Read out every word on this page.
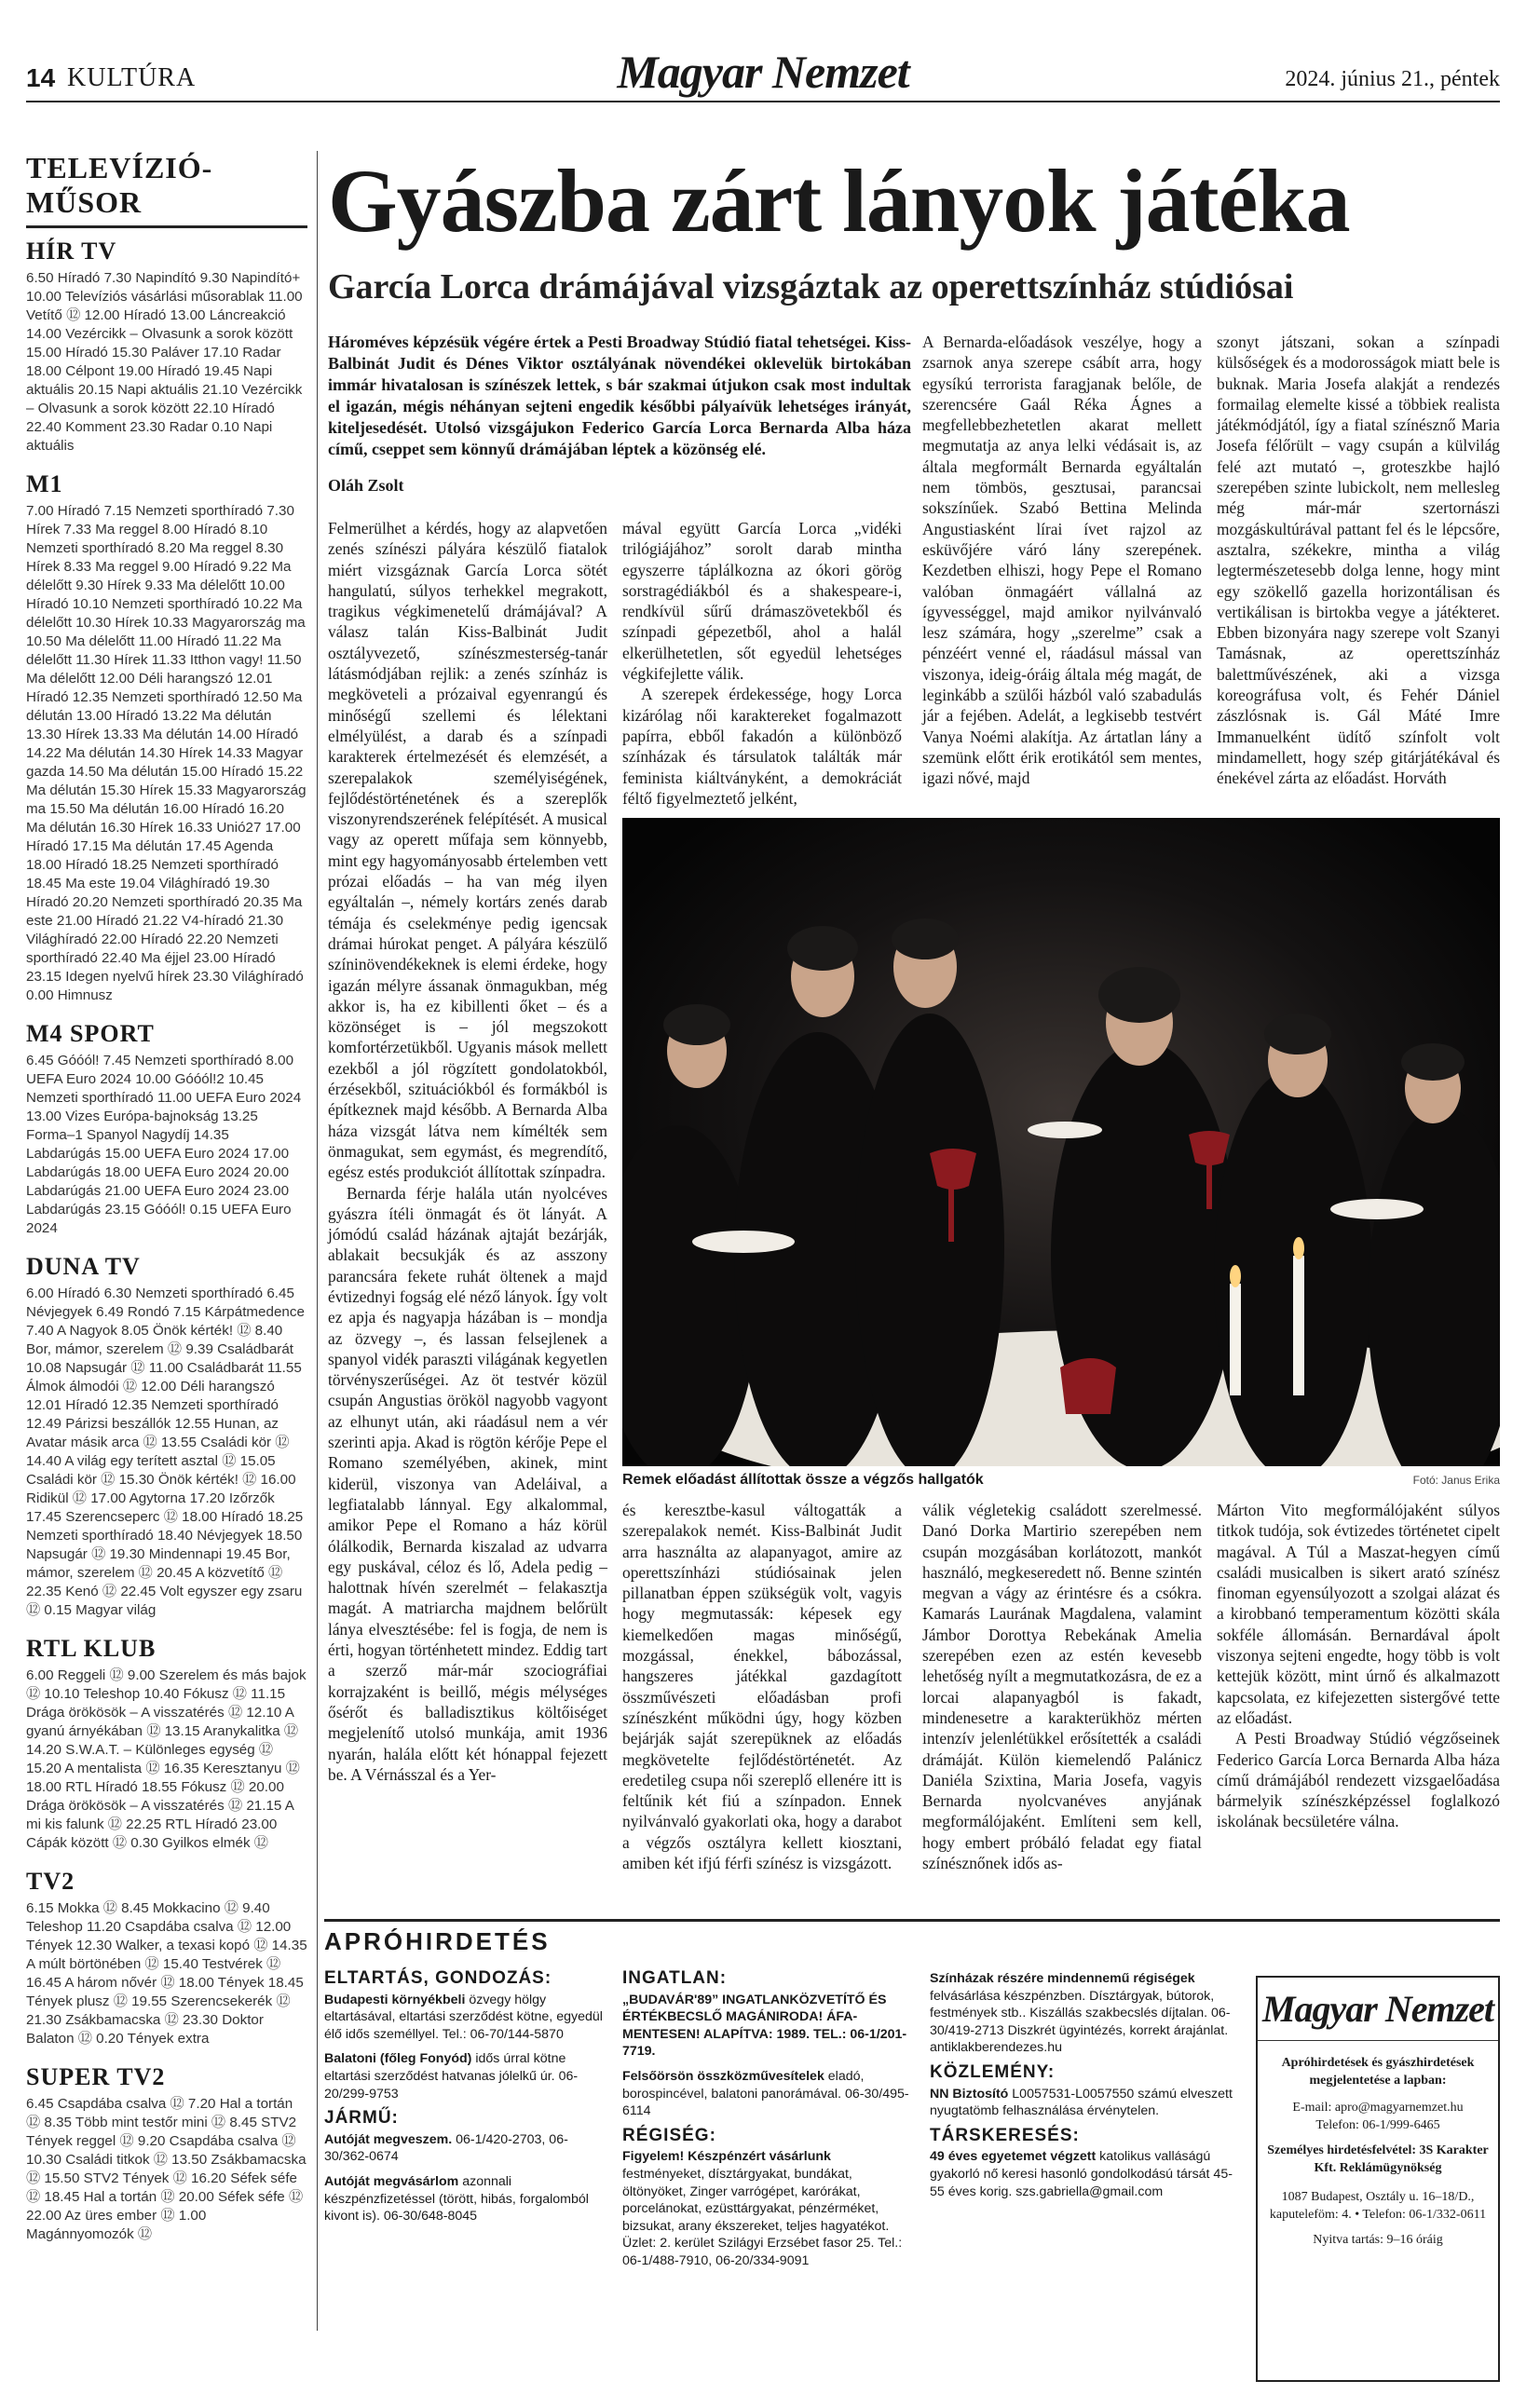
14 KULTÚRA	Magyar Nemzet	2024. június 21., péntek
TELEVÍZIÓ-MŰSOR
HÍR TV

6.50 Híradó 7.30 Napindító 9.30 Napindító+ 10.00 Televíziós vásárlási műsorablak 11.00 Vetítő ⑫ 12.00 Híradó 13.00 Láncreakció 14.00 Vezércikk – Olvasunk a sorok között 15.00 Híradó 15.30 Paláver 17.10 Radar 18.00 Célpont 19.00 Híradó 19.45 Napi aktuális 20.15 Napi aktuális 21.10 Vezércikk – Olvasunk a sorok között 22.10 Híradó 22.40 Komment 23.30 Radar 0.10 Napi aktuális

M1

7.00 Híradó 7.15 Nemzeti sporthíradó 7.30 Hírek 7.33 Ma reggel 8.00 Híradó 8.10 Nemzeti sporthíradó 8.20 Ma reggel 8.30 Hírek 8.33 Ma reggel 9.00 Híradó 9.22 Ma délelőtt 9.30 Hírek 9.33 Ma délelőtt 10.00 Híradó 10.10 Nemzeti sporthíradó 10.22 Ma délelőtt 10.30 Hírek 10.33 Magyarország ma 10.50 Ma délelőtt 11.00 Híradó 11.22 Ma délelőtt 11.30 Hírek 11.33 Itthon vagy! 11.50 Ma délelőtt 12.00 Déli harangszó 12.01 Híradó 12.35 Nemzeti sporthíradó 12.50 Ma délután 13.00 Híradó 13.22 Ma délután 13.30 Hírek 13.33 Ma délután 14.00 Híradó 14.22 Ma délután 14.30 Hírek 14.33 Magyar gazda 14.50 Ma délután 15.00 Híradó 15.22 Ma délután 15.30 Hírek 15.33 Magyarország ma 15.50 Ma délután 16.00 Híradó 16.20 Ma délután 16.30 Hírek 16.33 Unió27 17.00 Híradó 17.15 Ma délután 17.45 Agenda 18.00 Híradó 18.25 Nemzeti sporthíradó 18.45 Ma este 19.04 Világhíradó 19.30 Híradó 20.20 Nemzeti sporthíradó 20.35 Ma este 21.00 Híradó 21.22 V4-híradó 21.30 Világhíradó 22.00 Híradó 22.20 Nemzeti sporthíradó 22.40 Ma éjjel 23.00 Híradó 23.15 Idegen nyelvű hírek 23.30 Világhíradó 0.00 Himnusz

M4 SPORT

6.45 Góóól! 7.45 Nemzeti sporthíradó 8.00 UEFA Euro 2024 10.00 Góóól!2 10.45 Nemzeti sporthíradó 11.00 UEFA Euro 2024 13.00 Vizes Európa-bajnokság 13.25 Forma–1 Spanyol Nagydíj 14.35 Labdarúgás 15.00 UEFA Euro 2024 17.00 Labdarúgás 18.00 UEFA Euro 2024 20.00 Labdarúgás 21.00 UEFA Euro 2024 23.00 Labdarúgás 23.15 Góóól! 0.15 UEFA Euro 2024

DUNA TV

6.00 Híradó 6.30 Nemzeti sporthíradó 6.45 Névjegyek 6.49 Rondó 7.15 Kárpátmedence 7.40 A Nagyok 8.05 Önök kérték! ⑫ 8.40 Bor, mámor, szerelem ⑫ 9.39 Családbarát 10.08 Napsugár ⑫ 11.00 Családbarát 11.55 Álmok álmodói ⑫ 12.00 Déli harangszó 12.01 Híradó 12.35 Nemzeti sporthíradó 12.49 Párizsi beszállók 12.55 Hunan, az Avatar másik arca ⑫ 13.55 Családi kör ⑫ 14.40 A világ egy terített asztal ⑫ 15.05 Családi kör ⑫ 15.30 Önök kérték! ⑫ 16.00 Ridikül ⑫ 17.00 Agytorna 17.20 Izőrzők 17.45 Szerencseperc ⑫ 18.00 Híradó 18.25 Nemzeti sporthíradó 18.40 Névjegyek 18.50 Napsugár ⑫ 19.30 Mindennapi 19.45 Bor, mámor, szerelem ⑫ 20.45 A közvetítő ⑫ 22.35 Kenó ⑫ 22.45 Volt egyszer egy zsaru ⑫ 0.15 Magyar világ

RTL KLUB

6.00 Reggeli ⑫ 9.00 Szerelem és más bajok ⑫ 10.10 Teleshop 10.40 Fókusz ⑫ 11.15 Drága örökösök – A visszatérés ⑫ 12.10 A gyanú árnyékában ⑫ 13.15 Aranykalitka ⑫ 14.20 S.W.A.T. – Különleges egység ⑫ 15.20 A mentalista ⑫ 16.35 Keresztanyu ⑫ 18.00 RTL Híradó 18.55 Fókusz ⑫ 20.00 Drága örökösök – A visszatérés ⑫ 21.15 A mi kis falunk ⑫ 22.25 RTL Híradó 23.00 Cápák között ⑫ 0.30 Gyilkos elmék ⑫

TV2

6.15 Mokka ⑫ 8.45 Mokkacino ⑫ 9.40 Teleshop 11.20 Csapdába csalva ⑫ 12.00 Tények 12.30 Walker, a texasi kopó ⑫ 14.35 A múlt börtönében ⑫ 15.40 Testvérek ⑫ 16.45 A három nővér ⑫ 18.00 Tények 18.45 Tények plusz ⑫ 19.55 Szerencsekerék ⑫ 21.30 Zsákbamacska ⑫ 23.30 Doktor Balaton ⑫ 0.20 Tények extra

SUPER TV2

6.45 Csapdába csalva ⑫ 7.20 Hal a tortán ⑫ 8.35 Több mint testőr mini ⑫ 8.45 STV2 Tények reggel ⑫ 9.20 Csapdába csalva ⑫ 10.30 Családi titkok ⑫ 13.50 Zsákbamacska ⑫ 15.50 STV2 Tények ⑫ 16.20 Séfek séfe ⑫ 18.45 Hal a tortán ⑫ 20.00 Séfek séfe ⑫ 22.00 Az üres ember ⑫ 1.00 Magánnyomozók ⑫

Gyászba zárt lányok játéka
García Lorca drámájával vizsgáztak az operettszínház stúdiósai

Hároméves képzésük végére értek a Pesti Broadway Stúdió fiatal tehetségei. Kiss-Balbinát Judit és Dénes Viktor osztályának növendékei oklevelük birtokában immár hivatalosan is színészek lettek, s bár szakmai útjukon csak most indultak el igazán, mégis néhányan sejteni engedik későbbi pályaívük lehetséges irányát, kiteljesedését. Utolsó vizsgájukon Federico García Lorca Bernarda Alba háza című, cseppet sem könnyű drámájában léptek a közönség elé.

Oláh Zsolt

Felmerülhet a kérdés, hogy az alapvetően zenés színészi pályára készülő fiatalok miért vizsgáznak García Lorca sötét hangulatú, súlyos terhekkel megrakott, tragikus végkimenetelű drámájával? A válasz talán Kiss-Balbinát Judit osztályvezető, színészmesterség-tanár látásmódjában rejlik: a zenés színház is megköveteli a prózaival egyenrangú és minőségű szellemi és lélektani elmélyülést, a darab és a színpadi karakterek értelmezését és elemzését, a szerepalakok személyiségének, fejlődéstörténetének és a szereplők viszonyrendszerének felépítését. A musical vagy az operett műfaja sem könnyebb, mint egy hagyományosabb értelemben vett prózai előadás – ha van még ilyen egyáltalán –, némely kortárs zenés darab témája és cselekménye pedig igencsak drámai húrokat penget. A pályára készülő színinövendékeknek is elemi érdeke, hogy igazán mélyre ássanak önmagukban, még akkor is, ha ez kibillenti őket – és a közönséget is – jól megszokott komfortérzetükből. Ugyanis mások mellett ezekből a jól rögzített gondolatokból, érzésekből, szituációkból és formákból is építkeznek majd később. A Bernarda Alba háza vizsgát látva nem kímélték sem önmagukat, sem egymást, és megrendítő, egész estés produkciót állítottak színpadra.

Bernarda férje halála után nyolcéves gyászra ítéli önmagát és öt lányát. A jómódú család házának ajtaját bezárják, ablakait becsukják és az asszony parancsára fekete ruhát öltenek a majd évtizednyi fogság elé néző lányok. Így volt ez apja és nagyapja házában is – mondja az özvegy –, és lassan felsejlenek a spanyol vidék paraszti világának kegyetlen törvényszerűségei. Az öt testvér közül csupán Angustias örököl nagyobb vagyont az elhunyt után, aki ráadásul nem a vér szerinti apja. Akad is rögtön kérője Pepe el Romano személyében, akinek, mint kiderül, viszonya van Adeláival, a legfiatalabb lánnyal. Egy alkalommal, amikor Pepe el Romano a ház körül ólálkodik, Bernarda kiszalad az udvarra egy puskával, céloz és lő, Adela pedig – halottnak hívén szerelmét – felakasztja magát. A matriarcha majdnem belőrült lánya elvesztésébe: fel is fogja, de nem is érti, hogyan történhetett mindez. Eddig tart a szerző már-már szociográfiai korrajzaként is beillő, mégis mélységes ősérőt és balladisztikus költőiséget megjelenítő utolsó munkája, amit 1936 nyarán, halála előtt két hónappal fejezett be. A Vérnásszal és a Yer-

mával együtt García Lorca „vidéki trilógiájához” sorolt darab mintha egyszerre táplálkozna az ókori görög sorstragédiákból és a shakespeare-i, rendkívül sűrű drámaszövetekből és színpadi gépezetből, ahol a halál elkerülhetetlen, sőt egyedül lehetséges végkifejlette válik.

A szerepek érdekessége, hogy Lorca kizárólag női karaktereket fogalmazott papírra, ebből fakadón a különböző színházak és társulatok találták már feminista kiáltványként, a demokráciát féltő figyelmeztető jelként,

A Bernarda-előadások veszélye, hogy a zsarnok anya szerepe csábít arra, hogy egysíkú terrorista faragjanak belőle, de szerencsére Gaál Réka Ágnes a megfellebbezhetetlen akarat mellett megmutatja az anya lelki védásait is, az általa megformált Bernarda egyáltalán nem tömbös, gesztusai, parancsai sokszínűek. Szabó Bettina Melinda Angustiasként lírai ívet rajzol az esküvőjére váró lány szerepének. Kezdetben elhiszi, hogy Pepe el Romano valóban önmagáért vállalná az ígyvességgel, majd amikor nyilvánvaló lesz számára, hogy „szerelme” csak a pénzéért venné el, ráadásul mással van viszonya, ideig-óráig általa még magát, de leginkább a szülői házból való szabadulás jár a fejében. Adelát, a legkisebb testvért Vanya Noémi alakítja. Az ártatlan lány a szemünk előtt érik erotikától sem mentes, igazi nővé, majd

szonyt játszani, sokan a színpadi külsőségek és a modorosságok miatt bele is buknak. Maria Josefa alakját a rendezés formailag elemelte kissé a többiek realista játékmódjától, így a fiatal színésznő Maria Josefa félőrült – vagy csupán a külvilág felé azt mutató –, groteszkbe hajló szerepében szinte lubickolt, nem mellesleg még már-már szertornászi mozgáskultúrával pattant fel és le lépcsőre, asztalra, székekre, mintha a világ legtermészetesebb dolga lenne, hogy mint egy szökellő gazella horizontálisan és vertikálisan is birtokba vegye a játékteret. Ebben bizonyára nagy szerepe volt Szanyi Tamásnak, az operettszínház balettművészének, aki a vizsga koreográfusa volt, és Fehér Dániel zászlósnak is. Gál Máté Imre Immanuelként üdítő színfolt volt mindamellett, hogy szép gitárjátékával és énekével zárta az előadást. Horváth

Remek előadást állítottak össze a végzős hallgatók	Fotó: Janus Erika

és keresztbe-kasul váltogatták a szerepalakok nemét. Kiss-Balbinát Judit arra használta az alapanyagot, amire az operettszínházi stúdiósainak jelen pillanatban éppen szükségük volt, vagyis hogy megmutassák: képesek egy kiemelkedően magas minőségű, mozgással, énekkel, bábozással, hangszeres játékkal gazdagított összművészeti előadásban profi színészként működni úgy, hogy közben bejárják saját szerepüknek az előadás megkövetelte fejlődéstörténetét. Az eredetileg csupa női szereplő ellenére itt is feltűnik két fiú a színpadon. Ennek nyilvánvaló gyakorlati oka, hogy a darabot a végzős osztályra kellett kiosztani, amiben két ifjú férfi színész is vizsgázott.

válik végletekig családott szerelmessé. Danó Dorka Martirio szerepében nem csupán mozgásában korlátozott, mankót használó, megkeseredett nő. Benne szintén megvan a vágy az érintésre és a csókra. Kamarás Laurának Magdalena, valamint Jámbor Dorottya Rebekának Amelia szerepében ezen az estén kevesebb lehetőség nyílt a megmutatkozásra, de ez a lorcai alapanyagból is fakadt, mindenesetre a karakterükhöz mérten intenzív jelenlétükkel erősítették a családi drámáját. Külön kiemelendő Palánicz Daniéla Szixtina, Maria Josefa, vagyis Bernarda nyolcvanéves anyjának megformálójaként. Említeni sem kell, hogy embert próbáló feladat egy fiatal színésznőnek idős as-

Márton Vito megformálójaként súlyos titkok tudója, sok évtizedes történetet cipelt magával. A Túl a Maszat-hegyen című családi musicalben is sikert arató színész finoman egyensúlyozott a szolgai alázat és a kirobbanó temperamentum közötti skála sokféle állomásán. Bernardával ápolt viszonya sejteni engedte, hogy több is volt kettejük között, mint úrnő és alkalmazott kapcsolata, ez kifejezetten sistergővé tette az előadást.

A Pesti Broadway Stúdió végzőseinek Federico García Lorca Bernarda Alba háza című drámájából rendezett vizsgaelőadása bármelyik színészképzéssel foglalkozó iskolának becsületére válna.

APRÓHIRDETÉS
ELTARTÁS, GONDOZÁS:

Budapesti környékbeli özvegy hölgy eltartásával, eltartási szerződést kötne, egyedül élő idős személlyel. Tel.: 06-70/144-5870

Balatoni (főleg Fonyód) idős úrral kötne eltartási szerződést hatvanas jólelkű úr. 06-20/299-9753

JÁRMŰ:

Autóját megveszem. 06-1/420-2703, 06-30/362-0674

Autóját megvásárlom azonnali készpénzfizetéssel (törött, hibás, forgalomból kivont is). 06-30/648-8045

INGATLAN:

„BUDAVÁR'89” INGATLANKÖZVETÍTŐ ÉS ÉRTÉKBECSLŐ MAGÁNIRODA! ÁFA-MENTESEN! ALAPÍTVA: 1989. TEL.: 06-1/201-7719.

Felsőörsön összközművesítelek eladó, borospincével, balatoni panorámával. 06-30/495-6114

RÉGISÉG:

Figyelem! Készpénzért vásárlunk festményeket, dísztárgyakat, bundákat, öltönyöket, Zinger varrógépet, karórákat, porcelánokat, ezüsttárgyakat, pénzérméket, bizsukat, arany ékszereket, teljes hagyatékot. Üzlet: 2. kerület Szilágyi Erzsébet fasor 25. Tel.: 06-1/488-7910, 06-20/334-9091

Színházak részére mindennemű régiségek felvásárlása készpénzben. Dísztárgyak, bútorok, festmények stb.. Kiszállás szakbecslés díjtalan. 06-30/419-2713 Diszkrét ügyintézés, korrekt árajánlat. antiklakberendezes.hu

KÖZLEMÉNY:

NN Biztosító L0057531-L0057550 számú elveszett nyugtatömb felhasználása érvénytelen.

TÁRSKERESÉS:

49 éves egyetemet végzett katolikus valláságú gyakorló nő keresi hasonló gondolkodású társát 45-55 éves korig. szs.gabriella@gmail.com

Magyar Nemzet

Apróhirdetések és gyászhirdetések megjelentetése a lapban:

E-mail: apro@magyarnemzet.hu

Telefon: 06-1/999-6465

Személyes hirdetésfelvétel: 3S Karakter Kft. Reklámügynökség

1087 Budapest, Osztály u. 16–18/D., kaputeleföm: 4. • Telefon: 06-1/332-0611

Nyitva tartás: 9–16 óráig
